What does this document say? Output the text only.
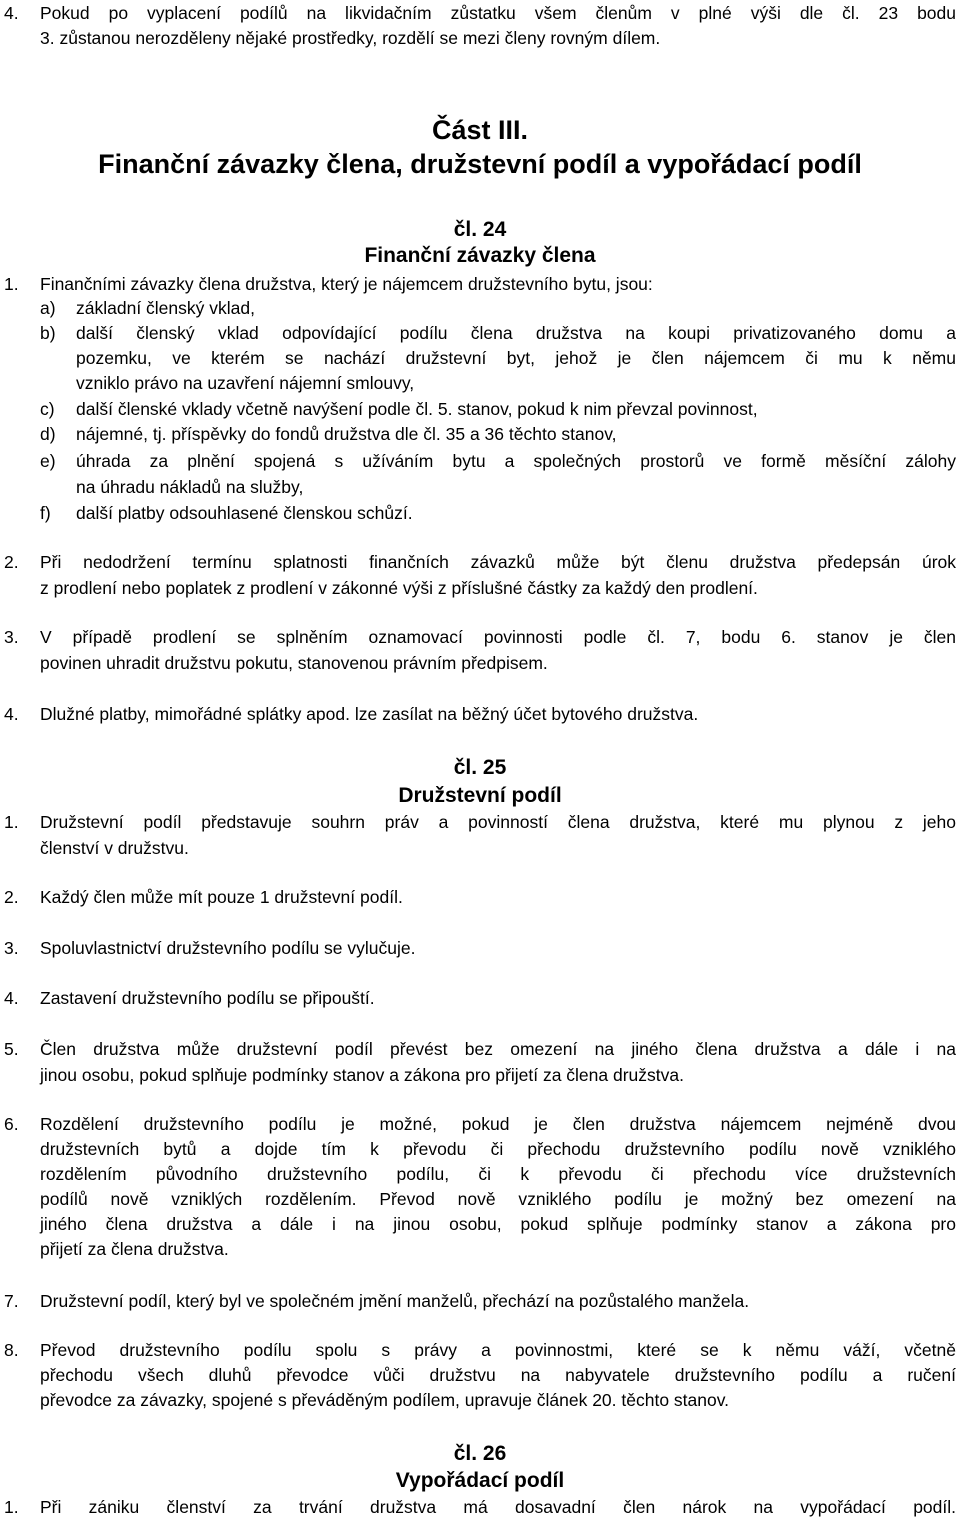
4. Pokud po vyplacení podílů na likvidačním zůstatku všem členům v plné výši dle čl. 23 bodu

3. zůstanou nerozděleny nějaké prostředky, rozdělí se mezi členy rovným dílem.

Část III.

Finanční závazky člena, družstevní podíl a vypořádací podíl

čl. 24

Finanční závazky člena

1. Finančními závazky člena družstva, který je nájemcem družstevního bytu, jsou:

a) základní členský vklad,

b) další členský vklad odpovídající podílu člena družstva na koupi privatizovaného domu a

pozemku, ve kterém se nachází družstevní byt, jehož je člen nájemcem či mu k němu

vzniklo právo na uzavření nájemní smlouvy,

c) další členské vklady včetně navýšení podle čl. 5. stanov, pokud k nim převzal povinnost,

d) nájemné, tj. příspěvky do fondů družstva dle čl. 35 a 36 těchto stanov,

e) úhrada za plnění spojená s užíváním bytu a společných prostorů ve formě měsíční zálohy

na úhradu nákladů na služby,

f) další platby odsouhlasené členskou schůzí.

2. Při nedodržení termínu splatnosti finančních závazků může být členu družstva předepsán úrok

z prodlení nebo poplatek z prodlení v zákonné výši z příslušné částky za každý den prodlení.

3. V případě prodlení se splněním oznamovací povinnosti podle čl. 7, bodu 6. stanov je člen

povinen uhradit družstvu pokutu, stanovenou právním předpisem.

4. Dlužné platby, mimořádné splátky apod. lze zasílat na běžný účet bytového družstva.

čl. 25

Družstevní podíl

1. Družstevní podíl představuje souhrn práv a povinností člena družstva, které mu plynou z jeho

členství v družstvu.

2. Každý člen může mít pouze 1 družstevní podíl.

3. Spoluvlastnictví družstevního podílu se vylučuje.

4. Zastavení družstevního podílu se připouští.

5. Člen družstva může družstevní podíl převést bez omezení na jiného člena družstva a dále i na

jinou osobu, pokud splňuje podmínky stanov a zákona pro přijetí za člena družstva.

6. Rozdělení družstevního podílu je možné, pokud je člen družstva nájemcem nejméně dvou

družstevních bytů a dojde tím k převodu či přechodu družstevního podílu nově vzniklého

rozdělením původního družstevního podílu, či k převodu či přechodu více družstevních

podílů nově vzniklých rozdělením. Převod nově vzniklého podílu je možný bez omezení na

jiného člena družstva a dále i na jinou osobu, pokud splňuje podmínky stanov a zákona pro

přijetí za člena družstva.

7. Družstevní podíl, který byl ve společném jmění manželů, přechází na pozůstalého manžela.

8. Převod družstevního podílu spolu s právy a povinnostmi, které se k němu váží, včetně

přechodu všech dluhů převodce vůči družstvu na nabyvatele družstevního podílu a ručení

převodce za závazky, spojené s převáděným podílem, upravuje článek 20. těchto stanov.

čl. 26

Vypořádací podíl

1. Při zániku členství za trvání družstva má dosavadní člen nárok na vypořádací podíl.
